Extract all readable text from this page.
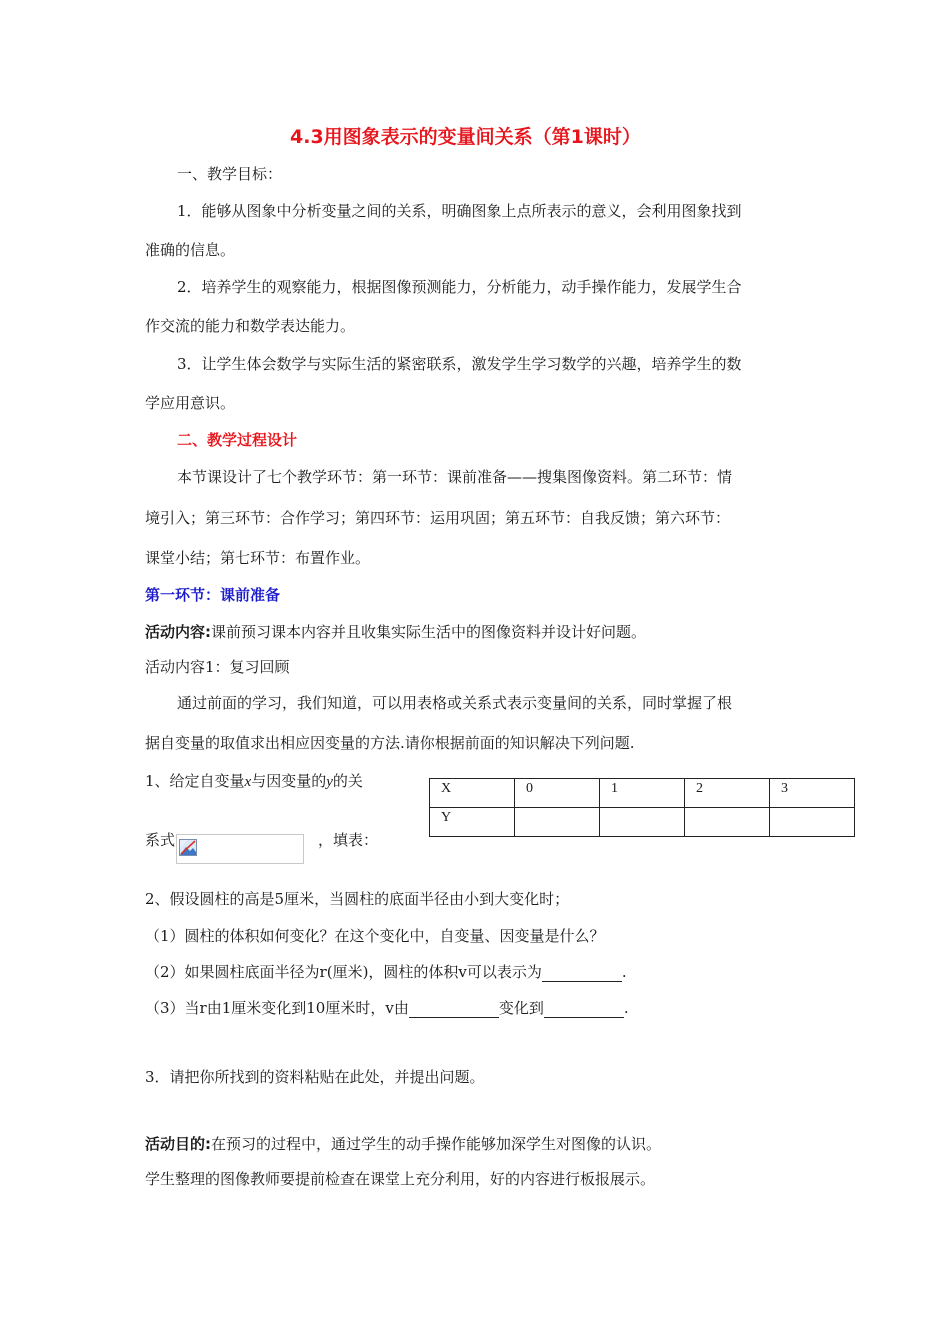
4.3用图象表示的变量间关系（第1课时）
一、教学目标：
1．能够从图象中分析变量之间的关系，明确图象上点所表示的意义，会利用图象找到
准确的信息。
2．培养学生的观察能力，根据图像预测能力，分析能力，动手操作能力，发展学生合
作交流的能力和数学表达能力。
3．让学生体会数学与实际生活的紧密联系，激发学生学习数学的兴趣，培养学生的数
学应用意识。
二、教学过程设计
本节课设计了七个教学环节：第一环节：课前准备——搜集图像资料。第二环节：情
境引入；第三环节：合作学习；第四环节：运用巩固；第五环节：自我反馈；第六环节：
课堂小结；第七环节：布置作业。
第一环节：课前准备
活动内容:课前预习课本内容并且收集实际生活中的图像资料并设计好问题。
活动内容1：复习回顾
通过前面的学习，我们知道，可以用表格或关系式表示变量间的关系，同时掌握了根
据自变量的取值求出相应因变量的方法.请你根据前面的知识解决下列问题.
1、给定自变量x与因变量的y的关
系式	，填表：
X	0	1	2	3
Y				
2、假设圆柱的高是5厘米，当圆柱的底面半径由小到大变化时；
（1）圆柱的体积如何变化？在这个变化中，自变量、因变量是什么？
（2）如果圆柱底面半径为r(厘米)，圆柱的体积v可以表示为	.
（3）当r由1厘米变化到10厘米时，v由	变化到	.
3．请把你所找到的资料粘贴在此处，并提出问题。
活动目的:在预习的过程中，通过学生的动手操作能够加深学生对图像的认识。
学生整理的图像教师要提前检查在课堂上充分利用，好的内容进行板报展示。
